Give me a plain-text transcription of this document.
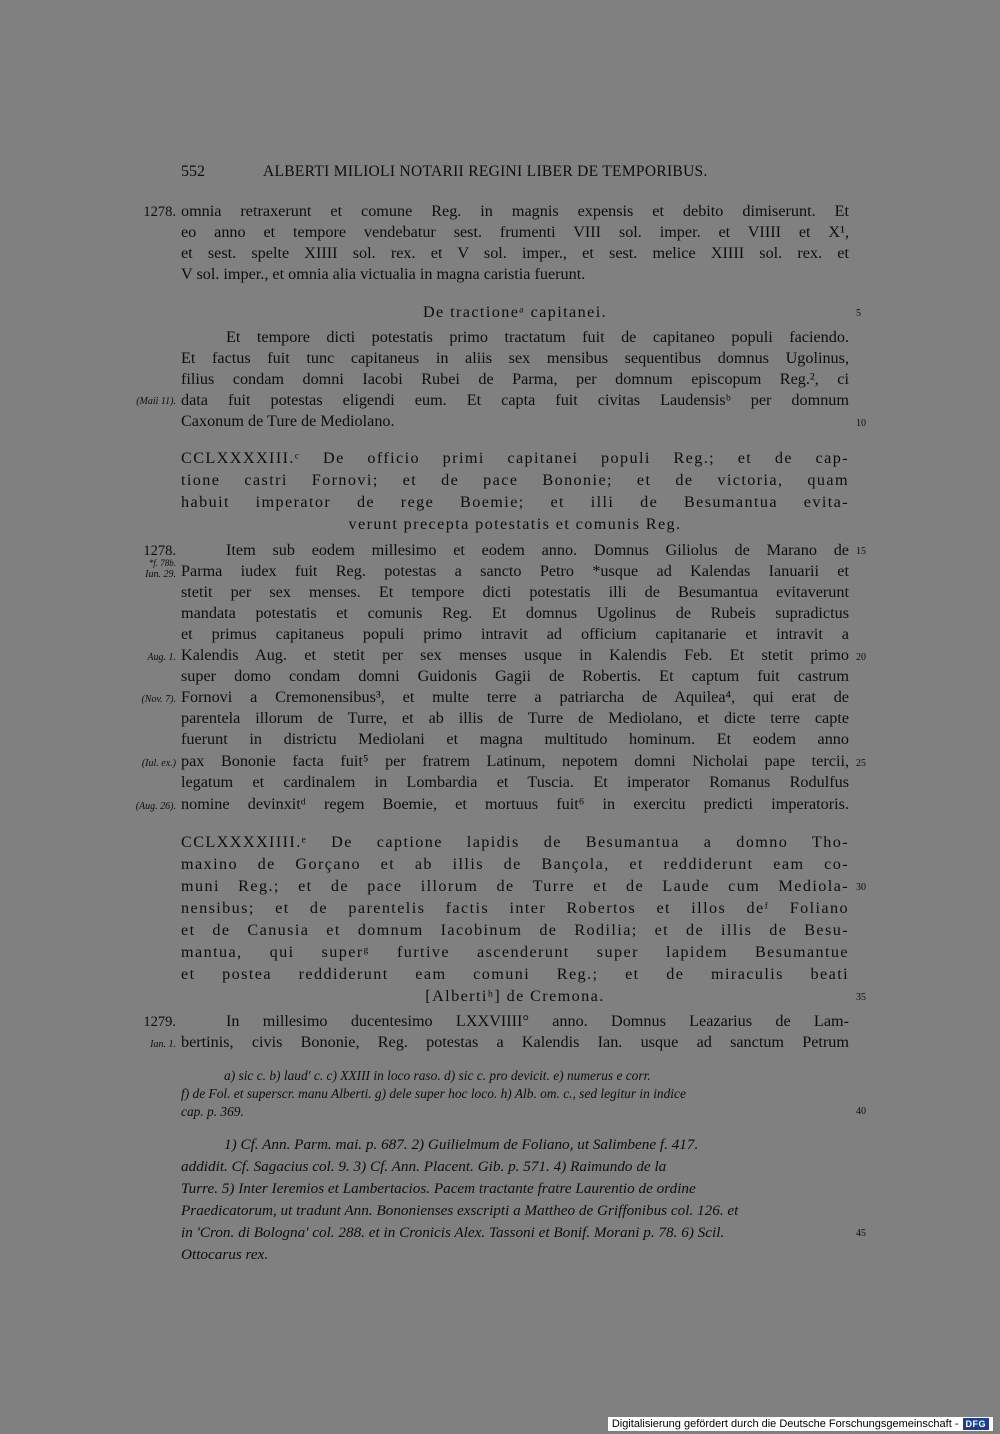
552	ALBERTI MILIOLI NOTARII REGINI LIBER DE TEMPORIBUS.
1278. omnia retraxerunt et comune Reg. in magnis expensis et debito dimiserunt. Et
eo anno et tempore vendebatur sest. frumenti VIII sol. imper. et VIIII et X¹,
et sest. spelte XIIII sol. rex. et V sol. imper., et sest. melice XIIII sol. rex. et
V sol. imper., et omnia alia victualia in magna caristia fuerunt.
De tractioneᵃ capitanei.	5
Et tempore dicti potestatis primo tractatum fuit de capitaneo populi faciendo.
Et factus fuit tunc capitaneus in aliis sex mensibus sequentibus domnus Ugolinus,
filius condam domni Iacobi Rubei de Parma, per domnum episcopum Reg.², ci
(Maii 11). data fuit potestas eligendi eum. Et capta fuit civitas Laudensisᵇ per domnum
Caxonum de Ture de Mediolano.	10
CCLXXXXIII.ᶜ De officio primi capitanei populi Reg.; et de cap-
tione castri Fornovi; et de pace Bononie; et de victoria, quam
habuit imperator de rege Boemie; et illi de Besumantua evita-
verunt precepta potestatis et comunis Reg.
1278.	Item sub eodem millesimo et eodem anno. Domnus Giliolus de Marano de 15
*f. 78b.
Iun. 29. Parma iudex fuit Reg. potestas a sancto Petro *usque ad Kalendas Ianuarii et
stetit per sex menses. Et tempore dicti potestatis illi de Besumantua evitaverunt
mandata potestatis et comunis Reg. Et domnus Ugolinus de Rubeis supradictus
et primus capitaneus populi primo intravit ad officium capitanarie et intravit a
Aug. 1. Kalendis Aug. et stetit per sex menses usque in Kalendis Feb. Et stetit primo 20
super domo condam domni Guidonis Gagii de Robertis. Et captum fuit castrum
(Nov. 7). Fornovi a Cremonensibus³, et multe terre a patriarcha de Aquilea⁴, qui erat de
parentela illorum de Turre, et ab illis de Turre de Mediolano, et dicte terre capte
fuerunt in districtu Mediolani et magna multitudo hominum. Et eodem anno
(Iul. ex.) pax Bononie facta fuit⁵ per fratrem Latinum, nepotem domni Nicholai pape tercii, 25
legatum et cardinalem in Lombardia et Tuscia. Et imperator Romanus Rodulfus
(Aug. 26). nomine devinxitᵈ regem Boemie, et mortuus fuit⁶ in exercitu predicti imperatoris.
CCLXXXXIIII.ᵉ De captione lapidis de Besumantua a domno Tho-
maxino de Gorçano et ab illis de Bançola, et reddiderunt eam co-
muni Reg.; et de pace illorum de Turre et de Laude cum Mediola- 30
nensibus; et de parentelis factis inter Robertos et illos deᶠ Foliano
et de Canusia et domnum Iacobinum de Rodilia; et de illis de Besu-
mantua, qui superᵍ furtive ascenderunt super lapidem Besumantue
et postea reddiderunt eam comuni Reg.; et de miraculis beati
[Albertiʰ] de Cremona.	35
1279.	In millesimo ducentesimo LXXVIIII° anno. Domnus Leazarius de Lam-
Ian. 1. bertinis, civis Bononie, Reg. potestas a Kalendis Ian. usque ad sanctum Petrum
a) sic c. b) laud' c. c) XXIII in loco raso. d) sic c. pro devicit. e) numerus e corr.
f) de Fol. et superscr. manu Alberti. g) dele super hoc loco. h) Alb. om. c., sed legitur in indice
cap. p. 369.	40
1) Cf. Ann. Parm. mai. p. 687. 2) Guilielmum de Foliano, ut Salimbene f. 417.
addidit. Cf. Sagacius col. 9. 3) Cf. Ann. Placent. Gib. p. 571. 4) Raimundo de la
Turre. 5) Inter Ieremios et Lambertacios. Pacem tractante fratre Laurentio de ordine
Praedicatorum, ut tradunt Ann. Bononienses exscripti a Mattheo de Griffonibus col. 126. et
in 'Cron. di Bologna' col. 288. et in Cronicis Alex. Tassoni et Bonif. Morani p. 78. 6) Scil.	45
Ottocarus rex.
Digitalisierung gefördert durch die Deutsche Forschungsgemeinschaft - DFG
